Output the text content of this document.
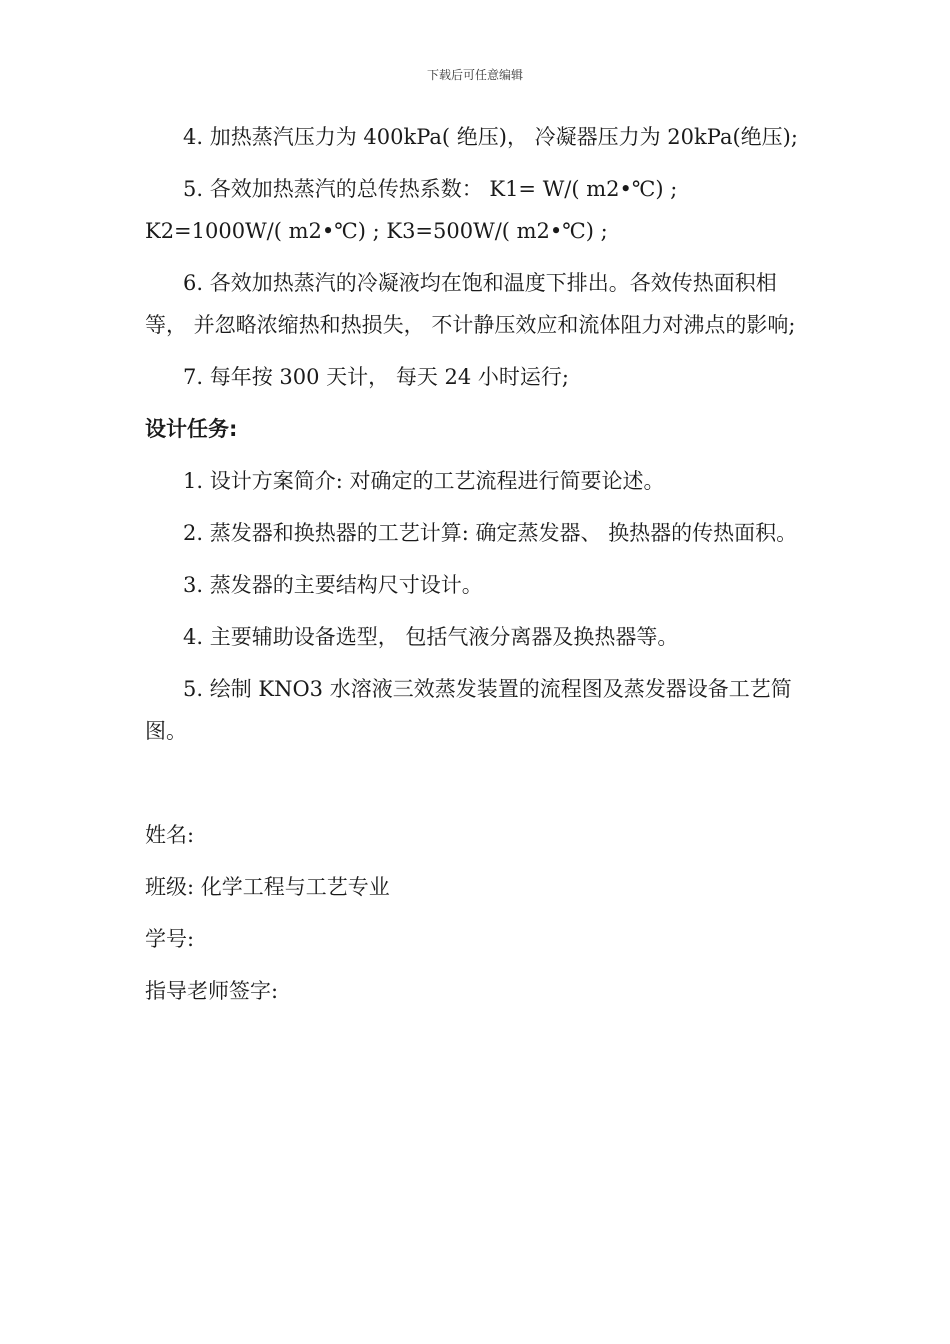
下载后可任意编辑

4. 加热蒸汽压力为 400kPa( 绝压)， 冷凝器压力为 20kPa(绝压);

5. 各效加热蒸汽的总传热系数： K1= W/( m2•℃) ; K2=1000W/( m2•℃) ; K3=500W/( m2•℃) ;

6. 各效加热蒸汽的冷凝液均在饱和温度下排出。各效传热面积相等， 并忽略浓缩热和热损失， 不计静压效应和流体阻力对沸点的影响;

7. 每年按 300 天计， 每天 24 小时运行;

设计任务:

1. 设计方案简介: 对确定的工艺流程进行简要论述。

2. 蒸发器和换热器的工艺计算: 确定蒸发器、 换热器的传热面积。

3. 蒸发器的主要结构尺寸设计。

4. 主要辅助设备选型， 包括气液分离器及换热器等。

5. 绘制 KNO3 水溶液三效蒸发装置的流程图及蒸发器设备工艺简图。

姓名:
班级: 化学工程与工艺专业
学号:
指导老师签字:
